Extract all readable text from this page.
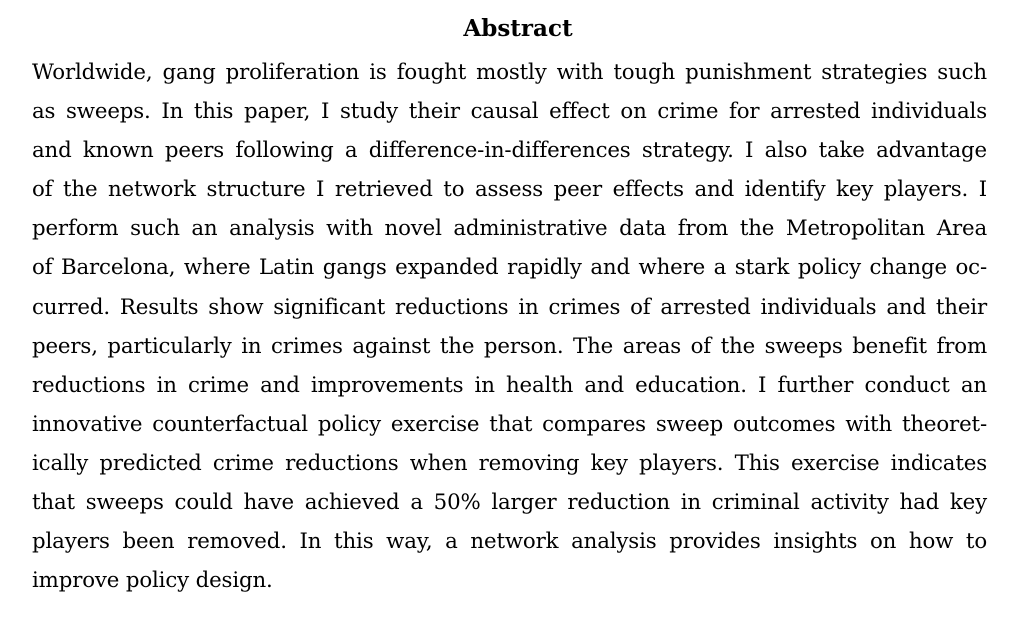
Abstract
Worldwide, gang proliferation is fought mostly with tough punishment strategies such
as sweeps. In this paper, I study their causal effect on crime for arrested individuals
and known peers following a difference-in-differences strategy. I also take advantage
of the network structure I retrieved to assess peer effects and identify key players. I
perform such an analysis with novel administrative data from the Metropolitan Area
of Barcelona, where Latin gangs expanded rapidly and where a stark policy change oc-
curred. Results show significant reductions in crimes of arrested individuals and their
peers, particularly in crimes against the person. The areas of the sweeps benefit from
reductions in crime and improvements in health and education. I further conduct an
innovative counterfactual policy exercise that compares sweep outcomes with theoret-
ically predicted crime reductions when removing key players. This exercise indicates
that sweeps could have achieved a 50% larger reduction in criminal activity had key
players been removed. In this way, a network analysis provides insights on how to
improve policy design.
